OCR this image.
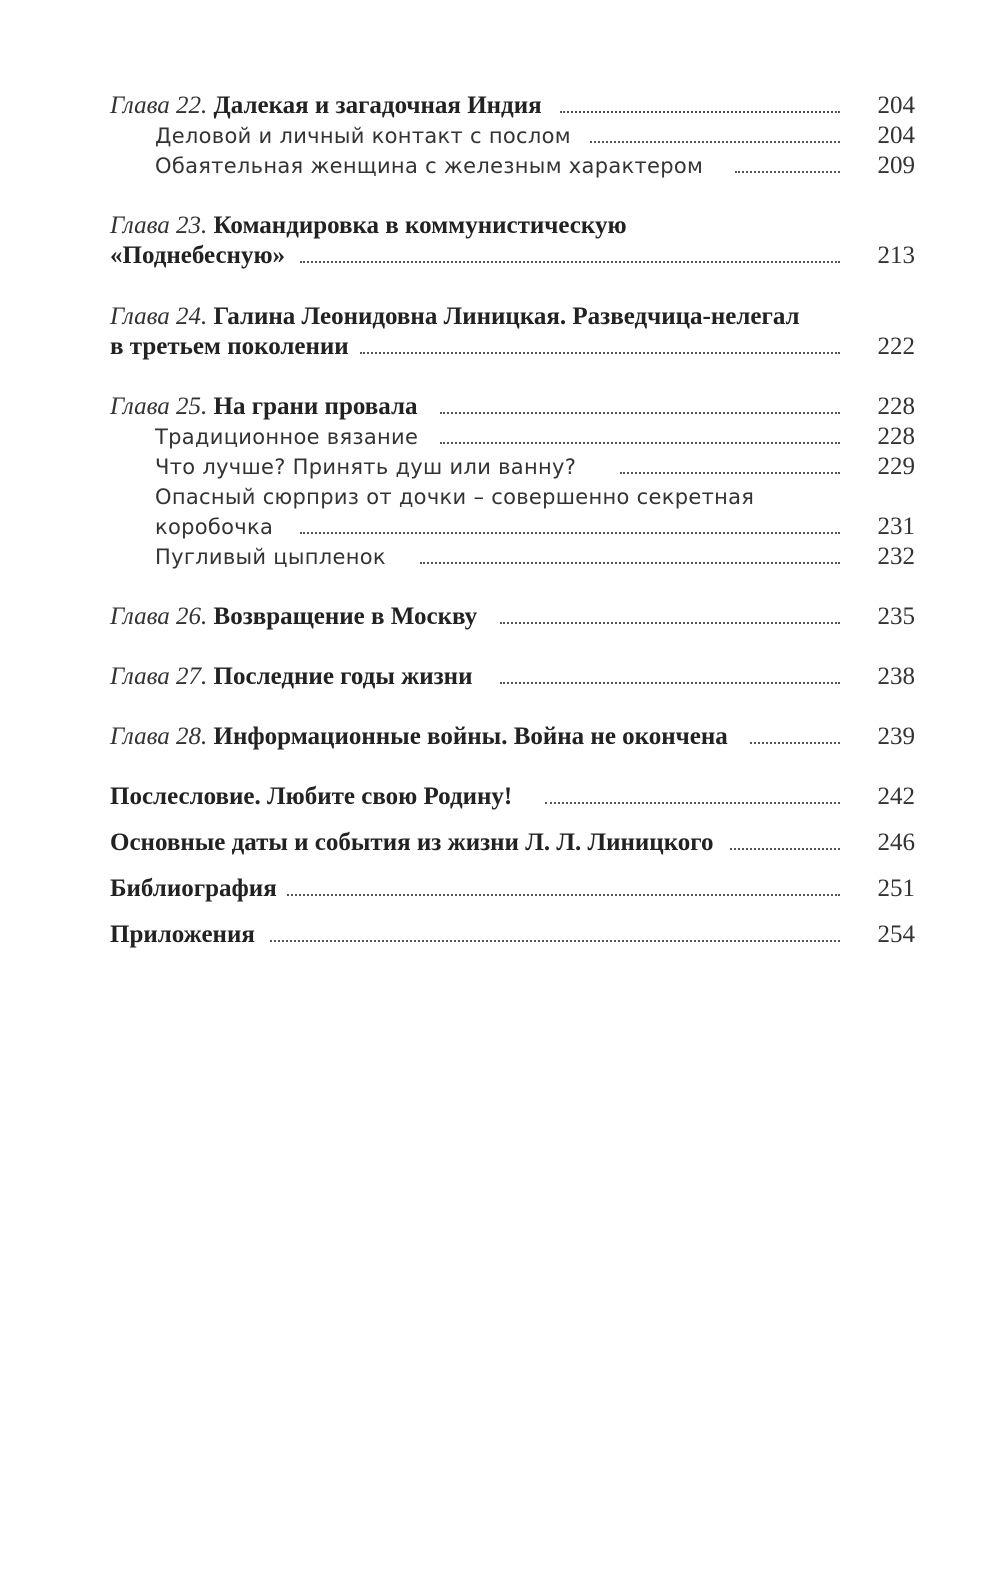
Глава 22. Далекая и загадочная Индия	204
Деловой и личный контакт с послом	204
Обаятельная женщина с железным характером	209
Глава 23. Командировка в коммунистическую
«Поднебесную»	213
Глава 24. Галина Леонидовна Линицкая. Разведчица-нелегал
в третьем поколении	222
Глава 25. На грани провала	228
Традиционное вязание	228
Что лучше? Принять душ или ванну?	229
Опасный сюрприз от дочки – совершенно секретная
коробочка	231
Пугливый цыпленок	232
Глава 26. Возвращение в Москву	235
Глава 27. Последние годы жизни	238
Глава 28. Информационные войны. Война не окончена	239
Послесловие. Любите свою Родину!	242
Основные даты и события из жизни Л. Л. Линицкого	246
Библиография	251
Приложения	254
